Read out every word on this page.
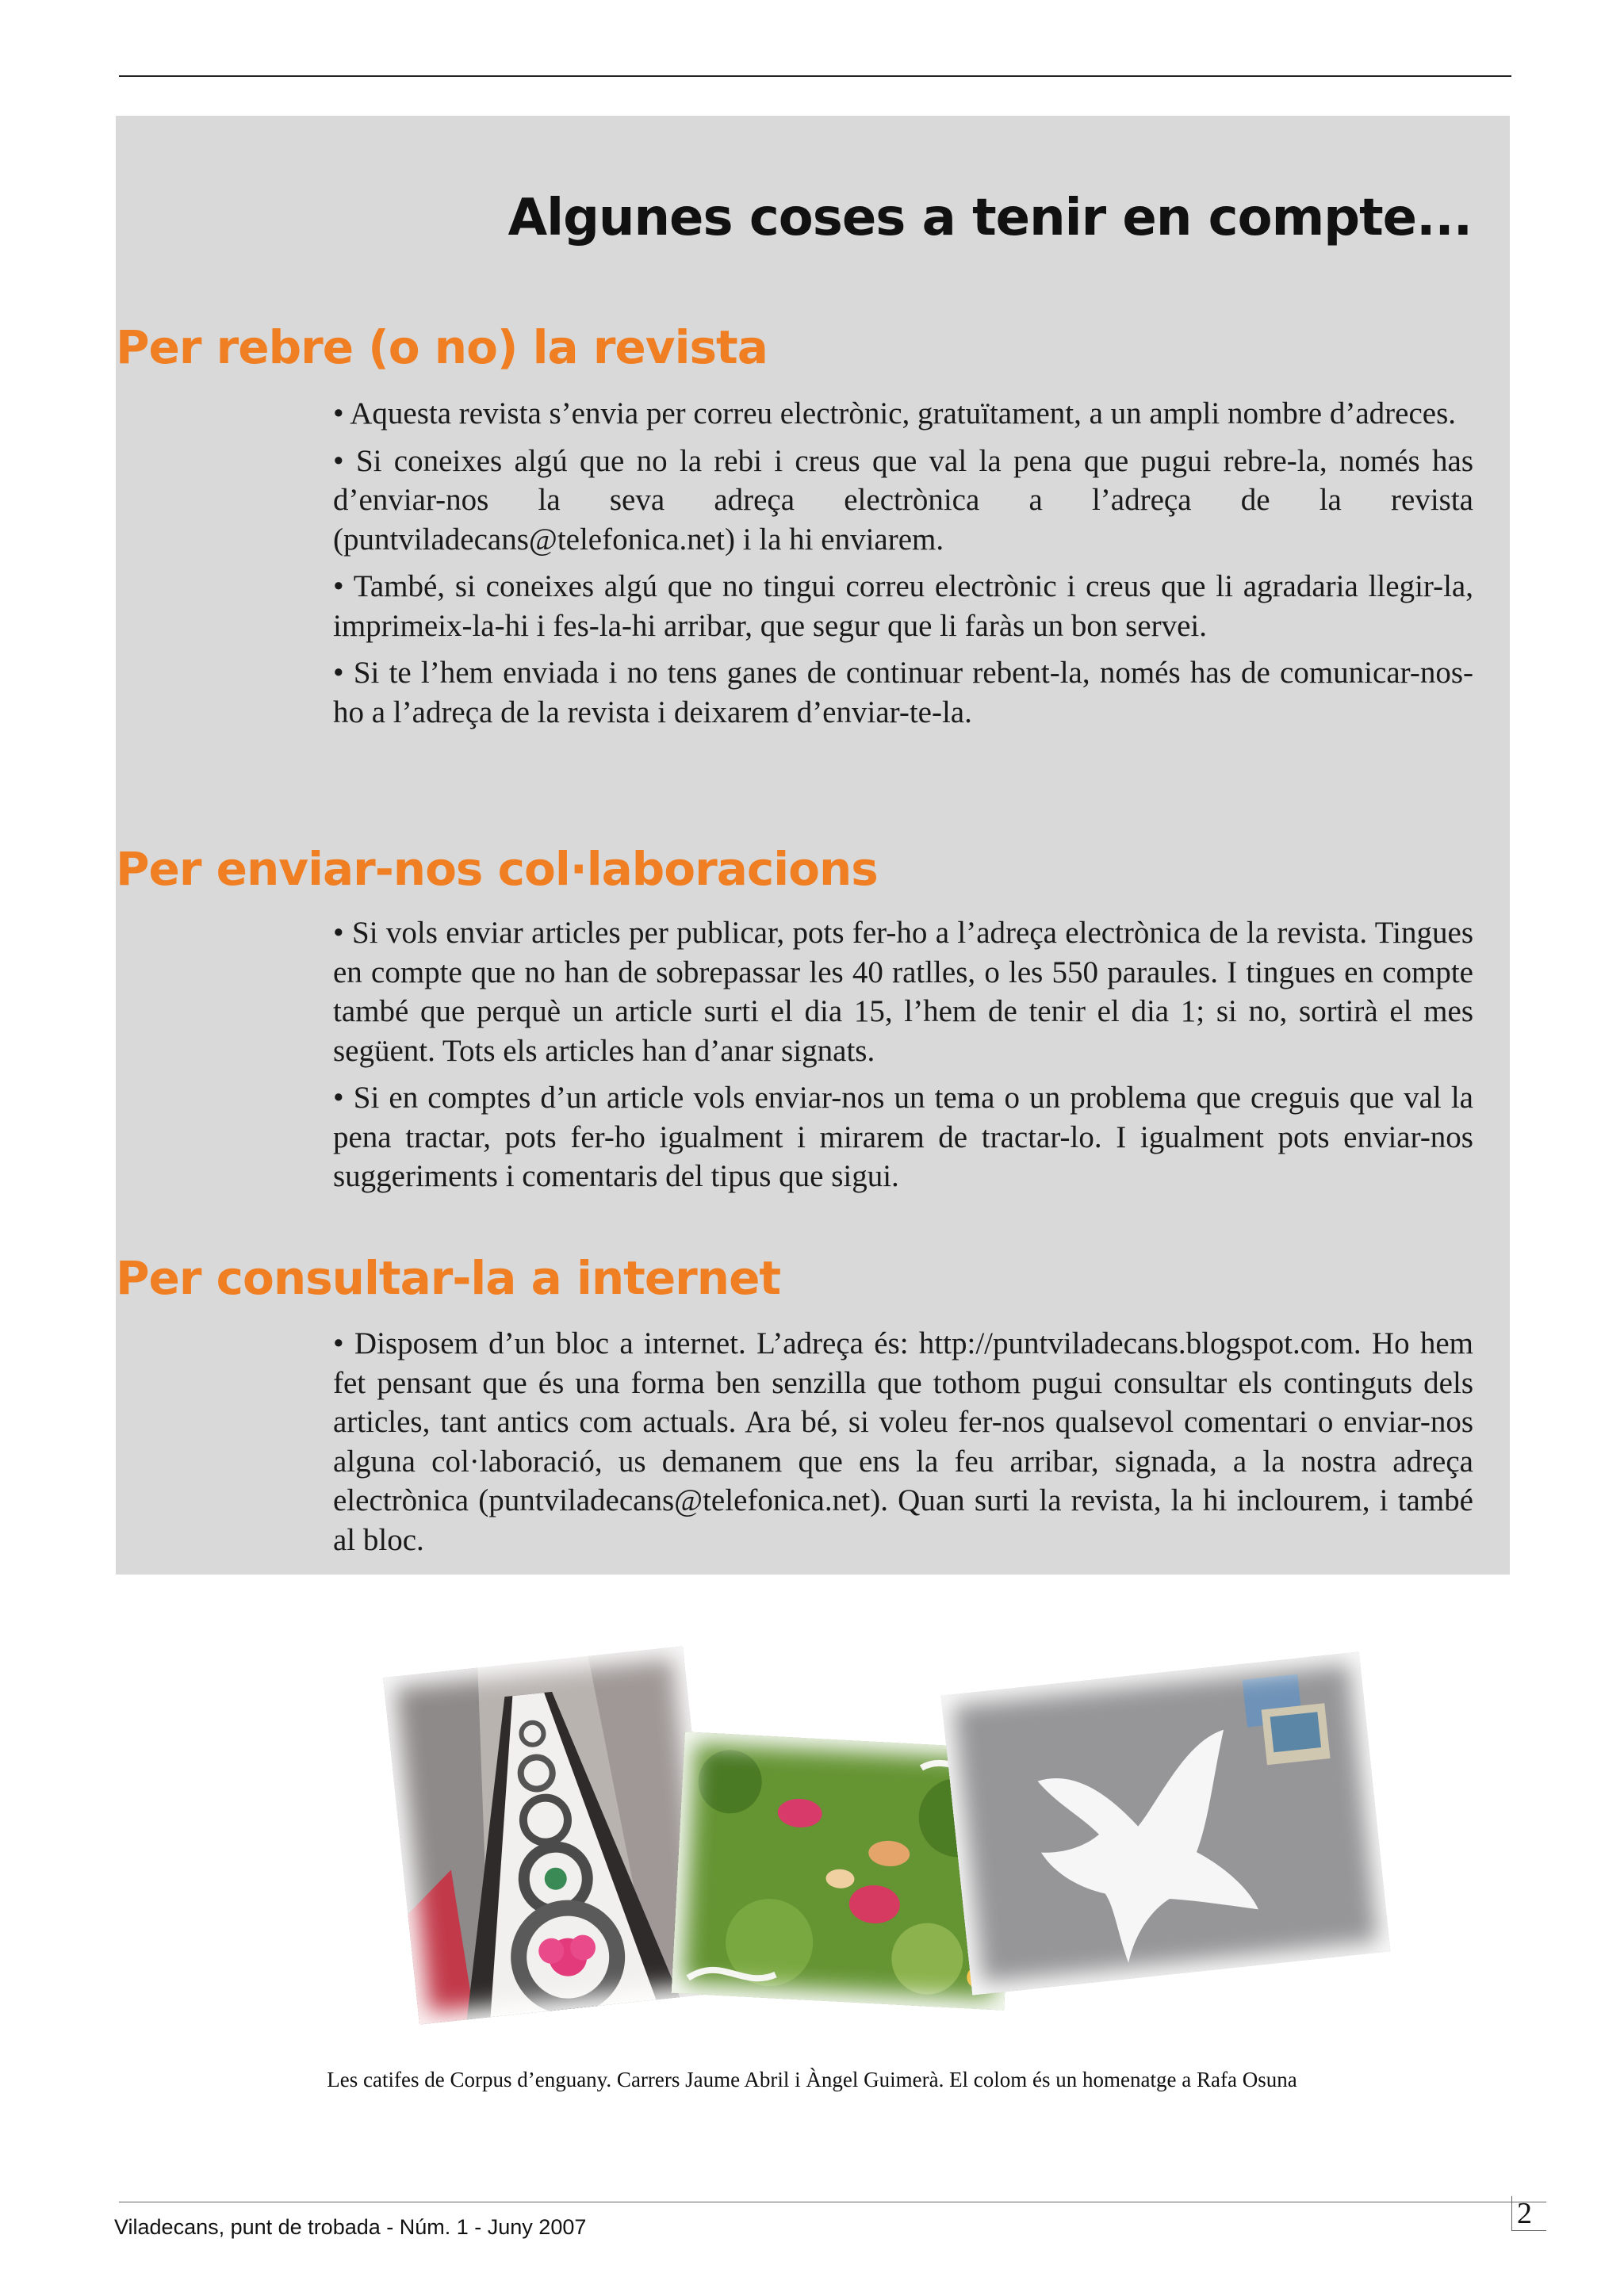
Algunes coses a tenir en compte...
Per rebre (o no) la revista

• Aquesta revista s’envia per correu electrònic, gratuïtament, a un ampli nombre d’adreces.

• Si coneixes algú que no la rebi i creus que val la pena que pugui rebre-la, només has d’enviar-nos la seva adreça electrònica a l’adreça de la revista (puntviladecans@telefonica.net) i la hi enviarem.

• També, si coneixes algú que no tingui correu electrònic i creus que li agradaria llegir-la, imprimeix-la-hi i fes-la-hi arribar, que segur que li faràs un bon servei.

• Si te l’hem enviada i no tens ganes de continuar rebent-la, només has de comunicar-nos-ho a l’adreça de la revista i deixarem d’enviar-te-la.

Per enviar-nos col·laboracions

• Si vols enviar articles per publicar, pots fer-ho a l’adreça electrònica de la revista. Tingues en compte que no han de sobrepassar les 40 ratlles, o les 550 paraules. I tingues en compte també que perquè un article surti el dia 15, l’hem de tenir el dia 1; si no, sortirà el mes següent. Tots els articles han d’anar signats.

• Si en comptes d’un article vols enviar-nos un tema o un problema que creguis que val la pena tractar, pots fer-ho igualment i mirarem de tractar-lo. I igualment pots enviar-nos suggeriments i comentaris del tipus que sigui.

Per consultar-la a internet

• Disposem d’un bloc a internet. L’adreça és: http://puntviladecans.blogspot.com. Ho hem fet pensant que és una forma ben senzilla que tothom pugui consultar els continguts dels articles, tant antics com actuals. Ara bé, si voleu fer-nos qualsevol comentari o enviar-nos alguna col·laboració, us demanem que ens la feu arribar, signada, a la nostra adreça electrònica (puntviladecans@telefonica.net). Quan surti la revista, la hi inclourem, i també al bloc.

Les catifes de Corpus d’enguany. Carrers Jaume Abril i Àngel Guimerà. El colom és un homenatge a Rafa Osuna
Viladecans, punt de trobada - Núm. 1 - Juny 2007	2
